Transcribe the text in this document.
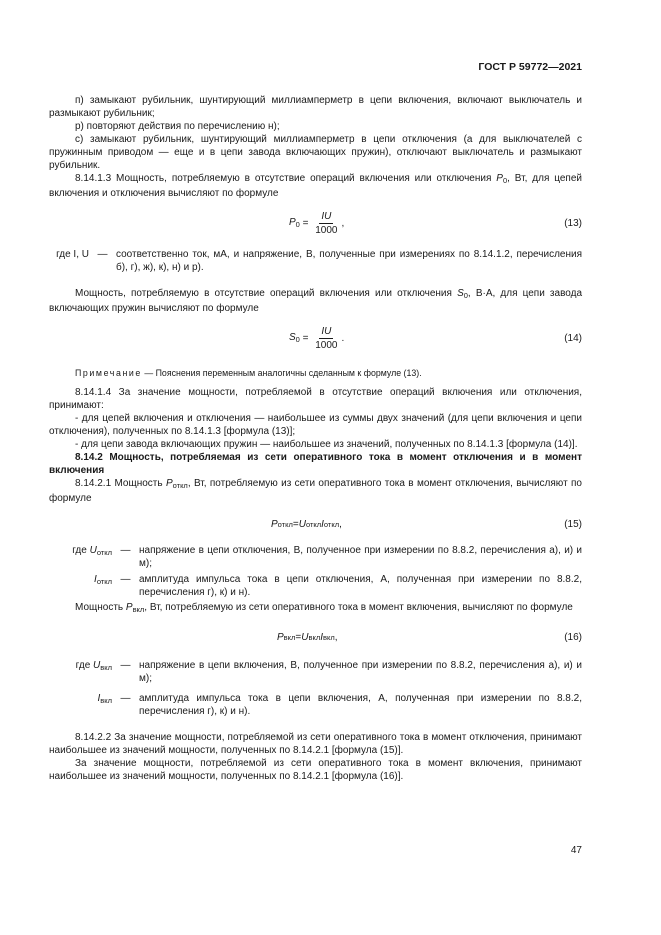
ГОСТ Р 59772—2021

п) замыкают рубильник, шунтирующий миллиамперметр в цепи включения, включают выключатель и размыкают рубильник;

р) повторяют действия по перечислению н);

с) замыкают рубильник, шунтирующий миллиамперметр в цепи отключения (а для выключателей с пружинным приводом — еще и в цепи завода включающих пружин), отключают выключатель и размыкают рубильник.

8.14.1.3 Мощность, потребляемую в отсутствие операций включения или отключения $P_0$, Вт, для цепей включения и отключения вычисляют по формуле

$P_0 = \frac{IU}{1000}$ ,	(13)
где I, U — соответственно ток, мА, и напряжение, В, полученные при измерениях по 8.14.1.2, перечисления б), г), ж), к), н) и р).

Мощность, потребляемую в отсутствие операций включения или отключения $S_0$, В·А, для цепи завода включающих пружин вычисляют по формуле

$S_0 = \frac{IU}{1000}$ .	(14)

Примечание — Пояснения переменным аналогичны сделанным к формуле (13).

8.14.1.4 За значение мощности, потребляемой в отсутствие операций включения или отключения, принимают:

- для цепей включения и отключения — наибольшее из суммы двух значений (для цепи включения и цепи отключения), полученных по 8.14.1.3 [формула (13)];

- для цепи завода включающих пружин — наибольшее из значений, полученных по 8.14.1.3 [формула (14)].

8.14.2 Мощность, потребляемая из сети оперативного тока в момент отключения и в момент включения

8.14.2.1 Мощность $P_{откл}$, Вт, потребляемую из сети оперативного тока в момент отключения, вычисляют по формуле

P откл = U откл I откл ,	(15)
где $U_{откл}$ — напряжение в цепи отключения, В, полученное при измерении по 8.8.2, перечисления а), и) и м);
$I_{откл}$ — амплитуда импульса тока в цепи отключения, А, полученная при измерении по 8.8.2, перечисления г), к) и н).

Мощность $P_{вкл}$, Вт, потребляемую из сети оперативного тока в момент включения, вычисляют по формуле

P вкл = U вкл I вкл ,	(16)
где $U_{вкл}$ — напряжение в цепи включения, В, полученное при измерении по 8.8.2, перечисления а), и) и м);
$I_{вкл}$ — амплитуда импульса тока в цепи включения, А, полученная при измерении по 8.8.2, перечисления г), к) и н).

8.14.2.2 За значение мощности, потребляемой из сети оперативного тока в момент отключения, принимают наибольшее из значений мощности, полученных по 8.14.2.1 [формула (15)].

За значение мощности, потребляемой из сети оперативного тока в момент включения, принимают наибольшее из значений мощности, полученных по 8.14.2.1 [формула (16)].

47
